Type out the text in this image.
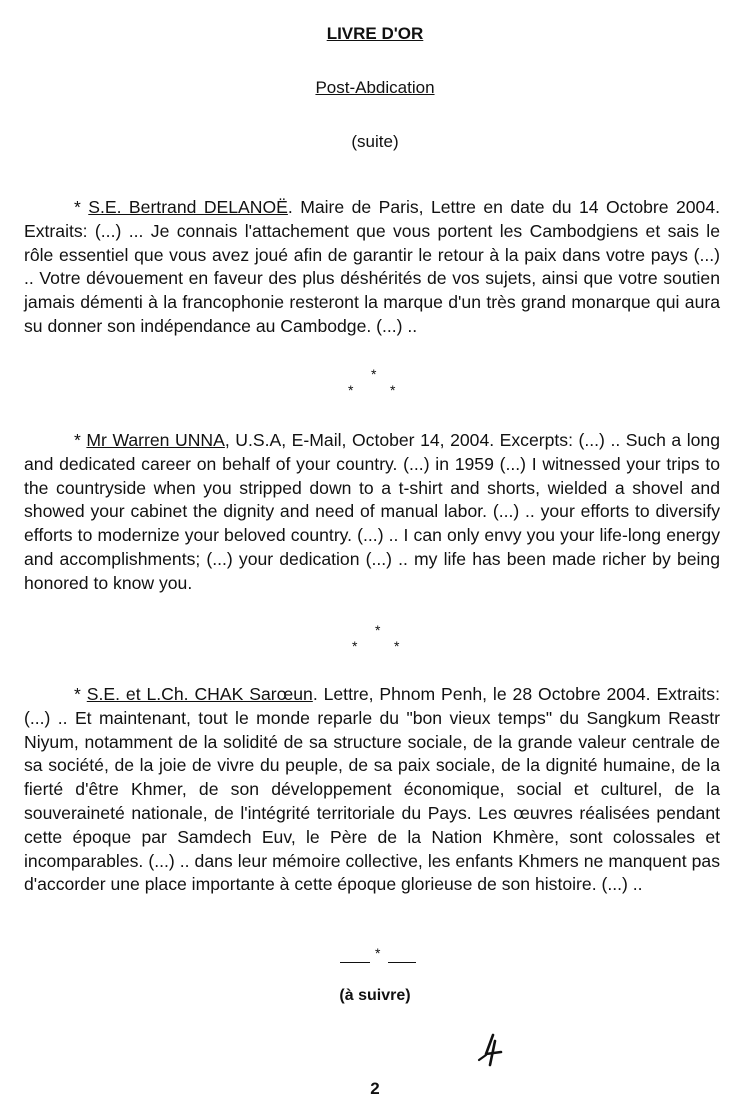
LIVRE D'OR
Post-Abdication
(suite)

* S.E. Bertrand DELANOË. Maire de Paris, Lettre en date du 14 Octobre 2004. Extraits: (...) ... Je connais l'attachement que vous portent les Cambodgiens et sais le rôle essentiel que vous avez joué afin de garantir le retour à la paix dans votre pays (...) .. Votre dévouement en faveur des plus déshérités de vos sujets, ainsi que votre soutien jamais démenti à la francophonie resteront la marque d'un très grand monarque qui aura su donner son indépendance au Cambodge. (...) ..

*
*	*

* Mr Warren UNNA, U.S.A, E-Mail, October 14, 2004. Excerpts: (...) .. Such a long and dedicated career on behalf of your country. (...) in 1959 (...) I witnessed your trips to the countryside when you stripped down to a t-shirt and shorts, wielded a shovel and showed your cabinet the dignity and need of manual labor. (...) .. your efforts to diversify efforts to modernize your beloved country. (...) .. I can only envy you your life-long energy and accomplishments; (...) your dedication (...) .. my life has been made richer by being honored to know you.

*
*	*

* S.E. et L.Ch. CHAK Sarœun. Lettre, Phnom Penh, le 28 Octobre 2004. Extraits: (...) .. Et maintenant, tout le monde reparle du "bon vieux temps" du Sangkum Reastr Niyum, notamment de la solidité de sa structure sociale, de la grande valeur centrale de sa société, de la joie de vivre du peuple, de sa paix sociale, de la dignité humaine, de la fierté d'être Khmer, de son développement économique, social et culturel, de la souveraineté nationale, de l'intégrité territoriale du Pays. Les œuvres réalisées pendant cette époque par Samdech Euv, le Père de la Nation Khmère, sont colossales et incomparables. (...) .. dans leur mémoire collective, les enfants Khmers ne manquent pas d'accorder une place importante à cette époque glorieuse de son histoire. (...) ..

*
(à suivre)
2
